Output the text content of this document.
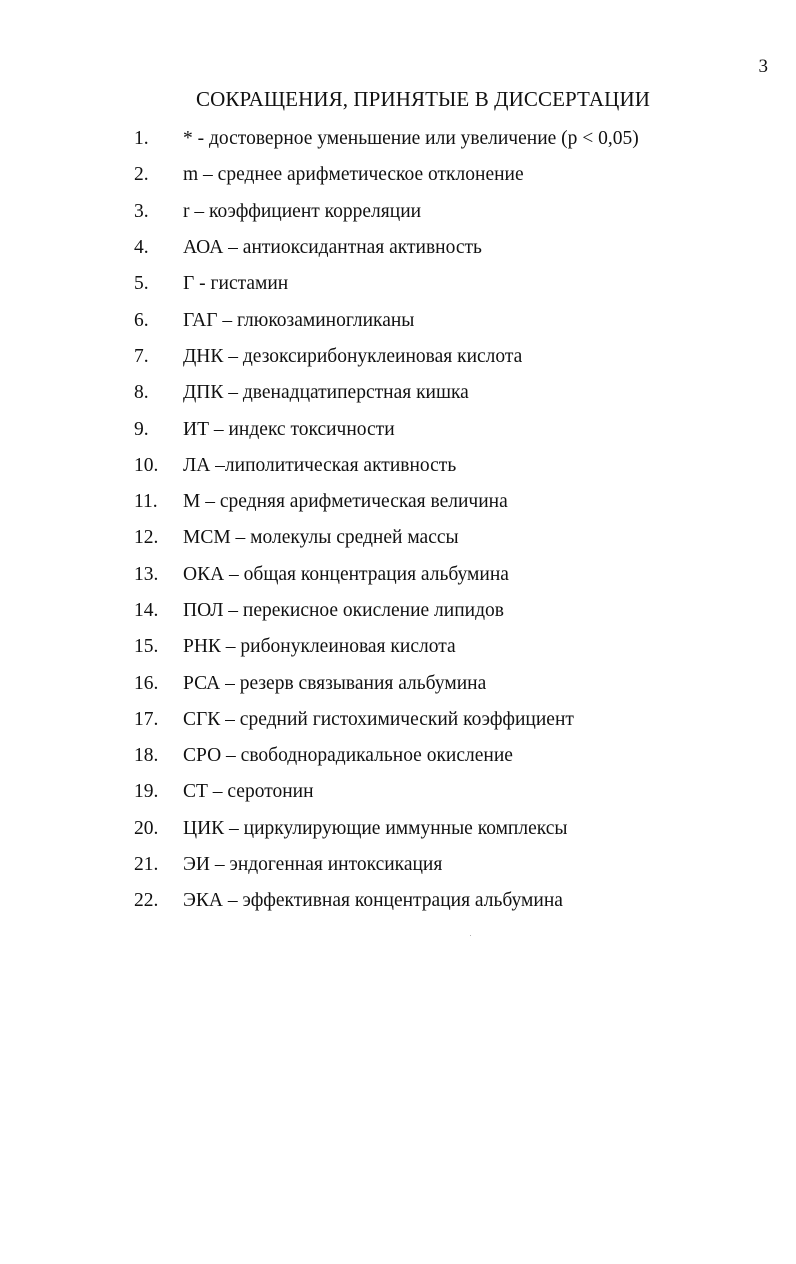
3
СОКРАЩЕНИЯ, ПРИНЯТЫЕ В ДИССЕРТАЦИИ
1.	* - достоверное уменьшение или увеличение (р < 0,05)
2.	m – среднее арифметическое отклонение
3.	r – коэффициент корреляции
4.	АОА – антиоксидантная активность
5.	Г - гистамин
6.	ГАГ – глюкозаминогликаны
7.	ДНК – дезоксирибонуклеиновая кислота
8.	ДПК – двенадцатиперстная кишка
9.	ИТ – индекс токсичности
10.	ЛА –липолитическая активность
11.	М – средняя арифметическая величина
12.	МСМ – молекулы средней массы
13.	ОКА – общая концентрация альбумина
14.	ПОЛ – перекисное окисление липидов
15.	РНК – рибонуклеиновая кислота
16.	РСА – резерв связывания альбумина
17.	СГК – средний гистохимический коэффициент
18.	СРО – свободнорадикальное окисление
19.	СТ – серотонин
20.	ЦИК – циркулирующие иммунные комплексы
21.	ЭИ – эндогенная интоксикация
22.	ЭКА – эффективная концентрация альбумина
